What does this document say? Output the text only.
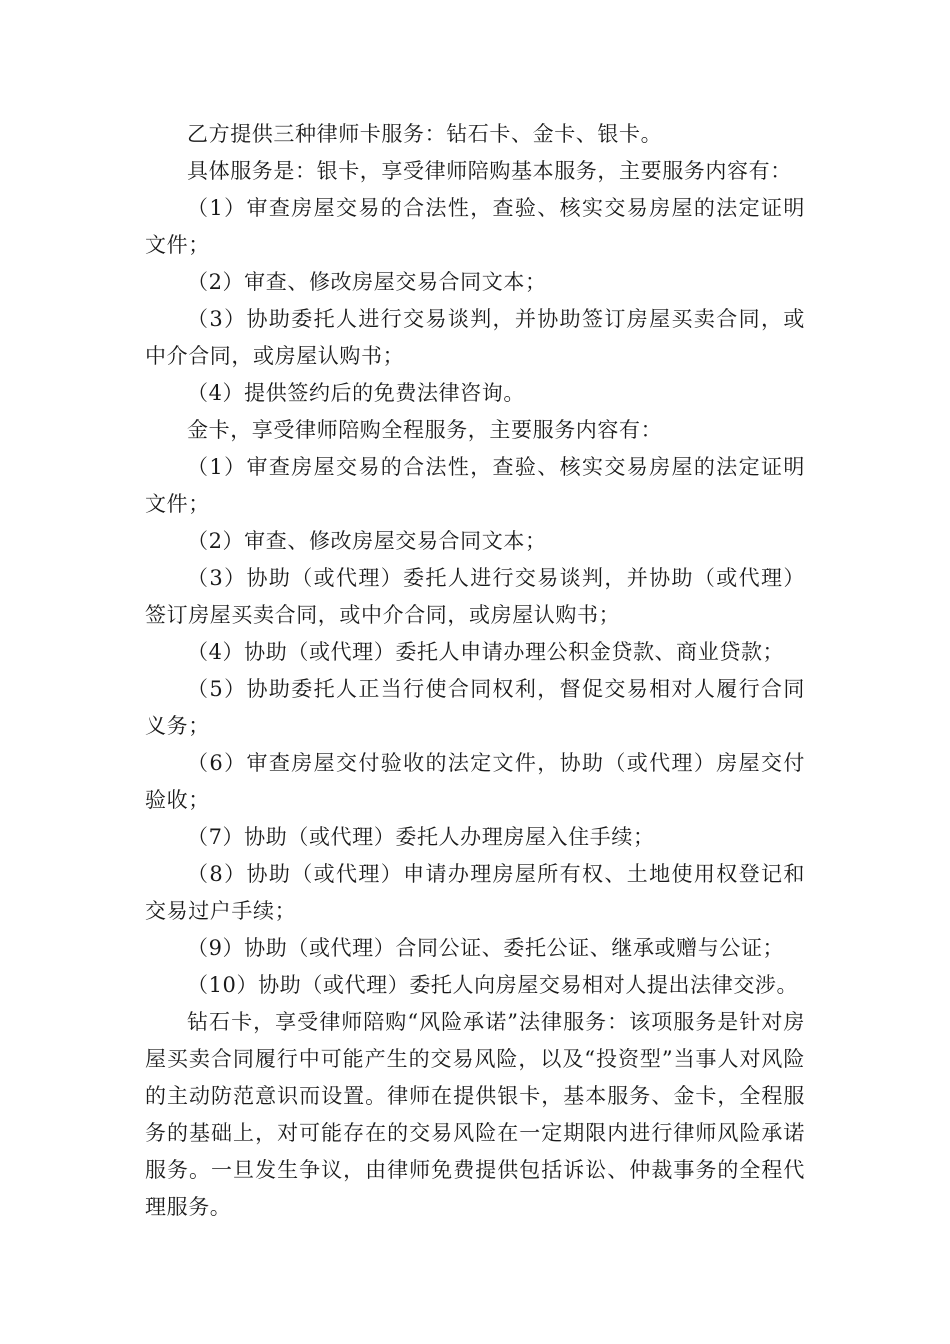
乙方提供三种律师卡服务：钻石卡、金卡、银卡。

具体服务是：银卡，享受律师陪购基本服务，主要服务内容有：

（1）审查房屋交易的合法性，查验、核实交易房屋的法定证明文件；

（2）审查、修改房屋交易合同文本；

（3）协助委托人进行交易谈判，并协助签订房屋买卖合同，或中介合同，或房屋认购书；

（4）提供签约后的免费法律咨询。

金卡，享受律师陪购全程服务，主要服务内容有：

（1）审查房屋交易的合法性，查验、核实交易房屋的法定证明文件；

（2）审查、修改房屋交易合同文本；

（3）协助（或代理）委托人进行交易谈判，并协助（或代理）签订房屋买卖合同，或中介合同，或房屋认购书；

（4）协助（或代理）委托人申请办理公积金贷款、商业贷款；

（5）协助委托人正当行使合同权利，督促交易相对人履行合同义务；

（6）审查房屋交付验收的法定文件，协助（或代理）房屋交付验收；

（7）协助（或代理）委托人办理房屋入住手续；

（8）协助（或代理）申请办理房屋所有权、土地使用权登记和交易过户手续；

（9）协助（或代理）合同公证、委托公证、继承或赠与公证；

（10）协助（或代理）委托人向房屋交易相对人提出法律交涉。

钻石卡，享受律师陪购“风险承诺”法律服务：该项服务是针对房屋买卖合同履行中可能产生的交易风险，以及“投资型”当事人对风险的主动防范意识而设置。律师在提供银卡，基本服务、金卡，全程服务的基础上，对可能存在的交易风险在一定期限内进行律师风险承诺服务。一旦发生争议，由律师免费提供包括诉讼、仲裁事务的全程代理服务。
